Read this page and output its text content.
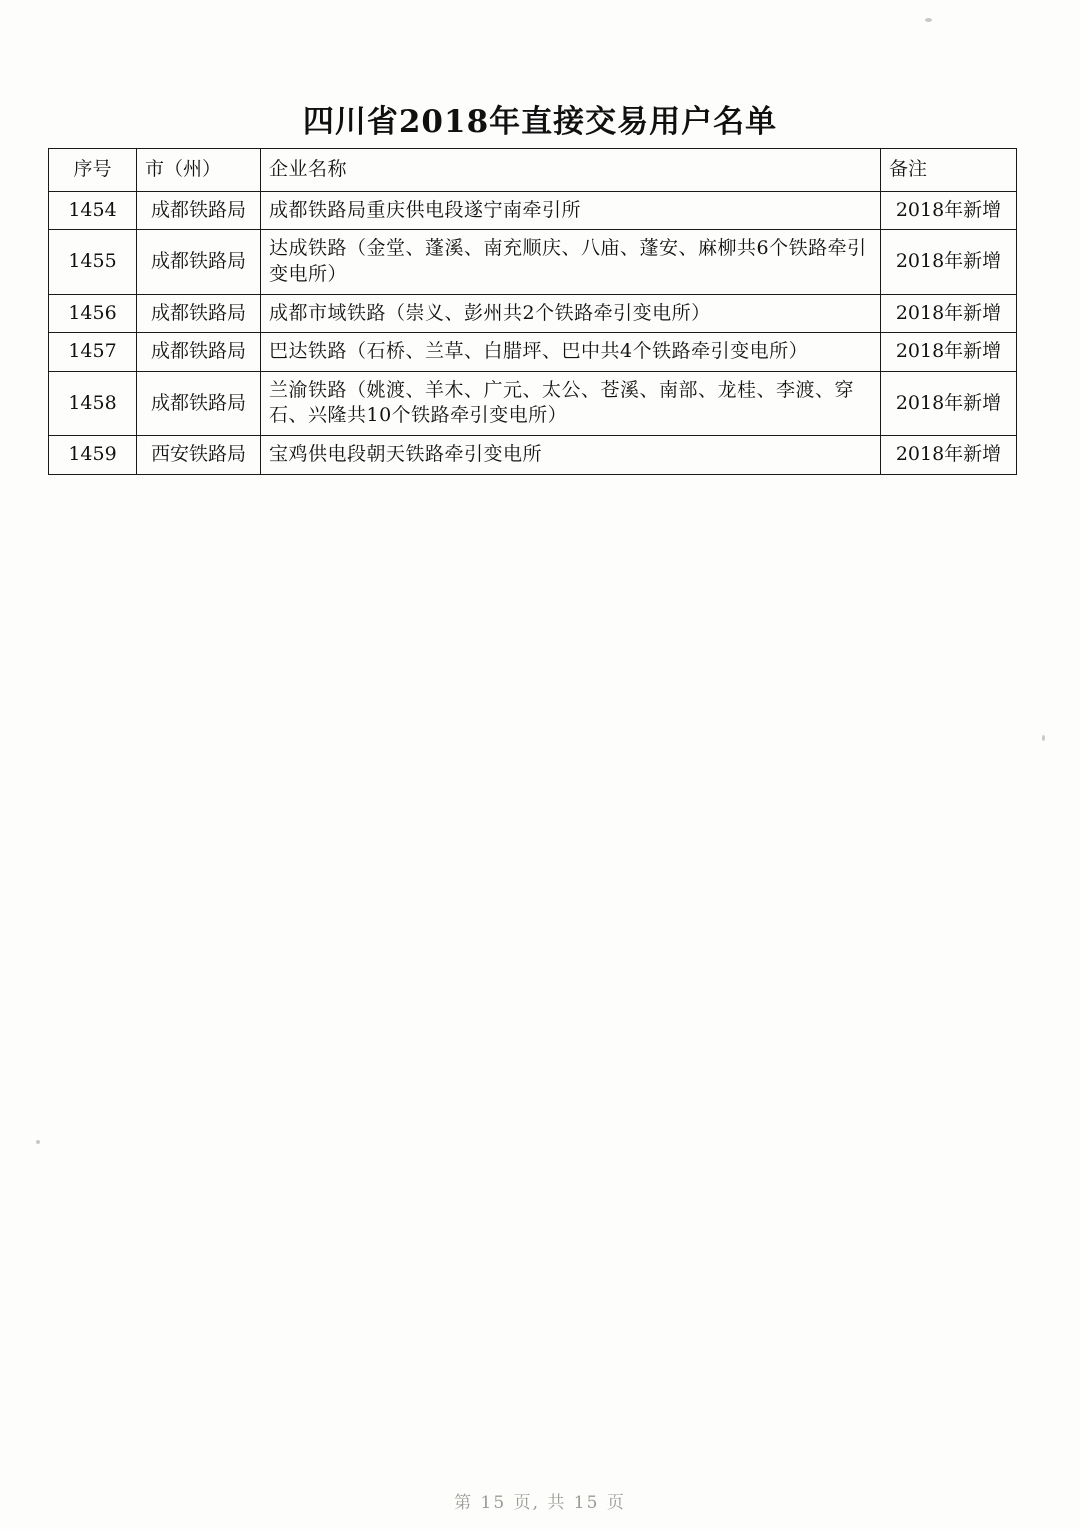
四川省2018年直接交易用户名单
序号	市（州）	企业名称	备注
1454	成都铁路局	成都铁路局重庆供电段遂宁南牵引所	2018年新增
1455	成都铁路局	达成铁路（金堂、蓬溪、南充顺庆、八庙、蓬安、麻柳共6个铁路牵引变电所）	2018年新增
1456	成都铁路局	成都市域铁路（崇义、彭州共2个铁路牵引变电所）	2018年新增
1457	成都铁路局	巴达铁路（石桥、兰草、白腊坪、巴中共4个铁路牵引变电所）	2018年新增
1458	成都铁路局	兰渝铁路（姚渡、羊木、广元、太公、苍溪、南部、龙桂、李渡、穿石、兴隆共10个铁路牵引变电所）	2018年新增
1459	西安铁路局	宝鸡供电段朝天铁路牵引变电所	2018年新增
第 15 页, 共 15 页
